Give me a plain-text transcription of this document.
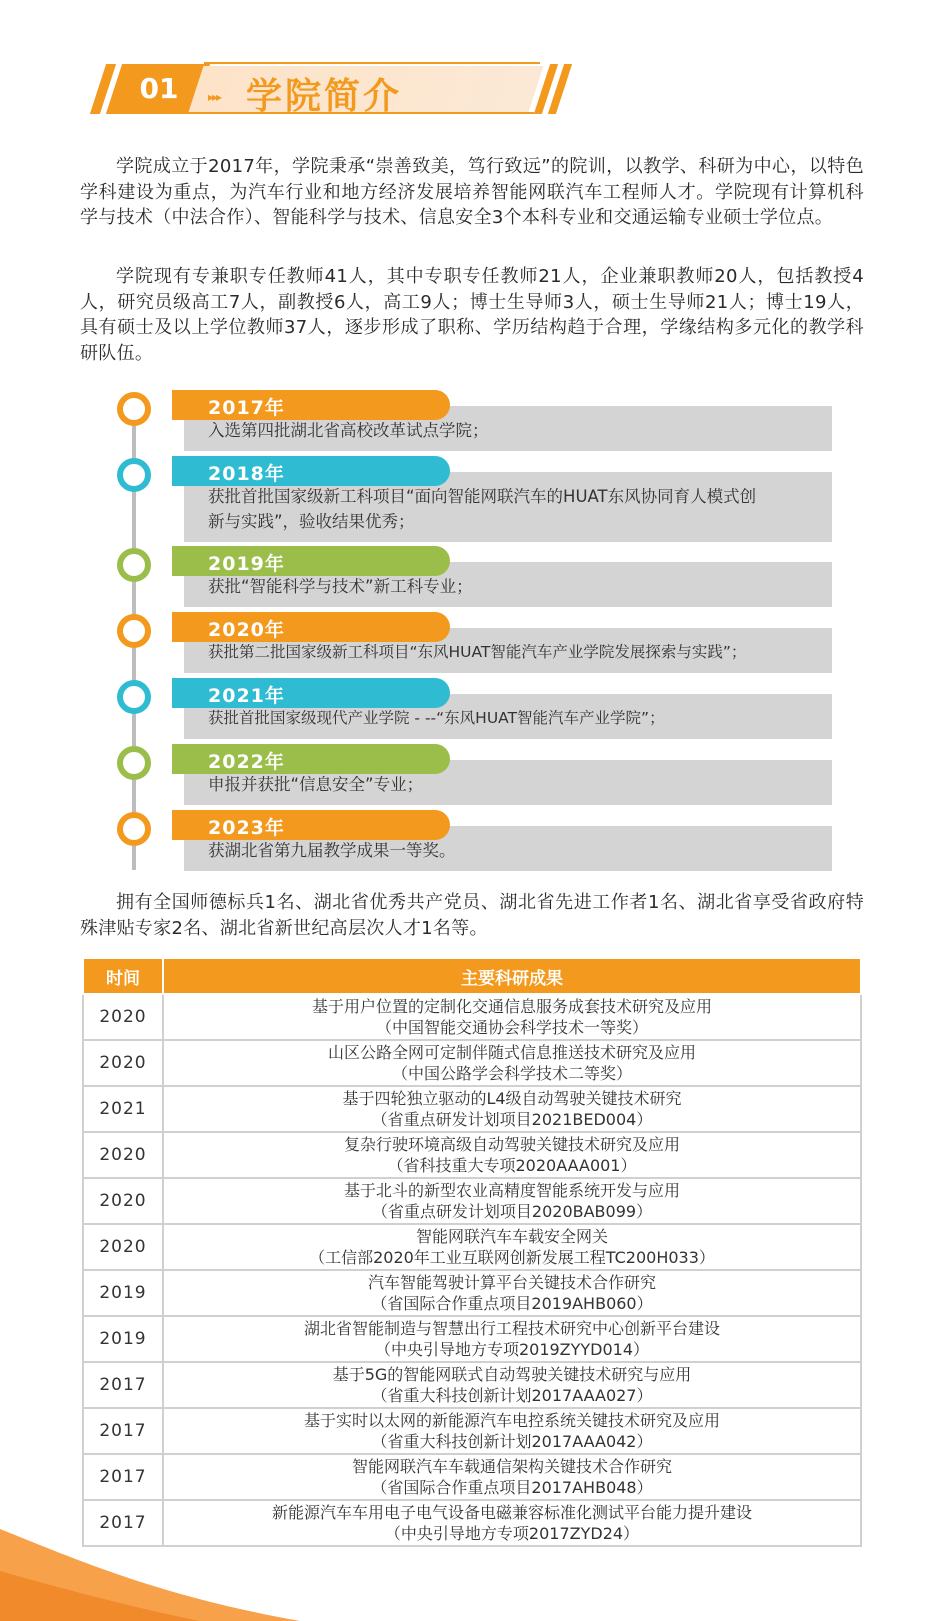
01	▸▸▸ 学院简介

学院成立于2017年，学院秉承“崇善致美，笃行致远”的院训，以教学、科研为中心，以特色学科建设为重点，为汽车行业和地方经济发展培养智能网联汽车工程师人才。学院现有计算机科学与技术（中法合作）、智能科学与技术、信息安全3个本科专业和交通运输专业硕士学位点。

学院现有专兼职专任教师41人，其中专职专任教师21人，企业兼职教师20人，包括教授4人，研究员级高工7人，副教授6人，高工9人；博士生导师3人，硕士生导师21人；博士19人，具有硕士及以上学位教师37人，逐步形成了职称、学历结构趋于合理，学缘结构多元化的教学科研队伍。

入选第四批湖北省高校改革试点学院；
2017年
获批首批国家级新工科项目“面向智能网联汽车的HUAT东风协同育人模式创新与实践”，验收结果优秀；
2018年
获批“智能科学与技术”新工科专业；
2019年
获批第二批国家级新工科项目“东风HUAT智能汽车产业学院发展探索与实践”；
2020年
获批首批国家级现代产业学院 - --“东风HUAT智能汽车产业学院”；
2021年
申报并获批“信息安全”专业；
2022年
获湖北省第九届教学成果一等奖。
2023年

拥有全国师德标兵1名、湖北省优秀共产党员、湖北省先进工作者1名、湖北省享受省政府特殊津贴专家2名、湖北省新世纪高层次人才1名等。

时间	主要科研成果
2020	基于用户位置的定制化交通信息服务成套技术研究及应用
（中国智能交通协会科学技术一等奖）

2020	山区公路全网可定制伴随式信息推送技术研究及应用
（中国公路学会科学技术二等奖）

2021	基于四轮独立驱动的L4级自动驾驶关键技术研究
（省重点研发计划项目2021BED004）

2020	复杂行驶环境高级自动驾驶关键技术研究及应用
（省科技重大专项2020AAA001）

2020	基于北斗的新型农业高精度智能系统开发与应用
（省重点研发计划项目2020BAB099）

2020	智能网联汽车车载安全网关
（工信部2020年工业互联网创新发展工程TC200H033）

2019	汽车智能驾驶计算平台关键技术合作研究
（省国际合作重点项目2019AHB060）

2019	湖北省智能制造与智慧出行工程技术研究中心创新平台建设
（中央引导地方专项2019ZYYD014）

2017	基于5G的智能网联式自动驾驶关键技术研究与应用
（省重大科技创新计划2017AAA027）

2017	基于实时以太网的新能源汽车电控系统关键技术研究及应用
（省重大科技创新计划2017AAA042）

2017	智能网联汽车车载通信架构关键技术合作研究
（省国际合作重点项目2017AHB048）

2017	新能源汽车车用电子电气设备电磁兼容标准化测试平台能力提升建设
（中央引导地方专项2017ZYD24）
